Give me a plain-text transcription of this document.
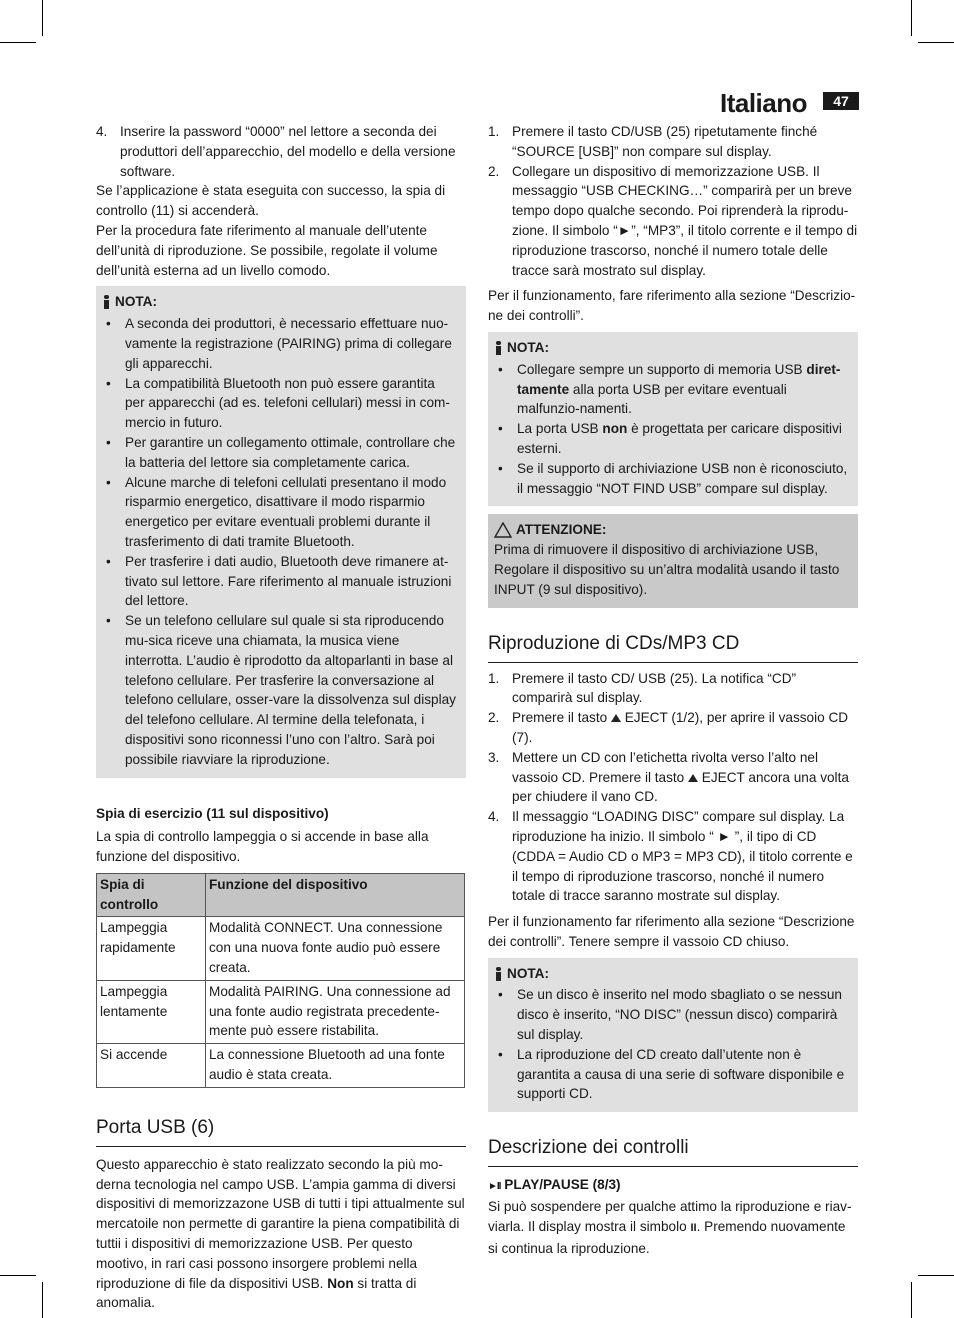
Italiano	47
4. Inserire la password “0000” nel lettore a seconda dei produttori dell’apparecchio, del modello e della versione software.

Se l’applicazione è stata eseguita con successo, la spia di controllo (11) si accenderà.

Per la procedura fate riferimento al manuale dell’utente dell’unità di riproduzione. Se possibile, regolate il volume dell’unità esterna ad un livello comodo.

NOTA:
• A seconda dei produttori, è necessario effettuare nuo-vamente la registrazione (PAIRING) prima di collegare gli apparecchi.
• La compatibilità Bluetooth non può essere garantita per apparecchi (ad es. telefoni cellulari) messi in com-mercio in futuro.
• Per garantire un collegamento ottimale, controllare che la batteria del lettore sia completamente carica.
• Alcune marche di telefoni cellulati presentano il modo risparmio energetico, disattivare il modo risparmio energetico per evitare eventuali problemi durante il trasferimento di dati tramite Bluetooth.
• Per trasferire i dati audio, Bluetooth deve rimanere at-tivato sul lettore. Fare riferimento al manuale istruzioni del lettore.
• Se un telefono cellulare sul quale si sta riproducendo mu-sica riceve una chiamata, la musica viene interrotta. L’audio è riprodotto da altoparlanti in base al telefono cellulare. Per trasferire la conversazione al telefono cellulare, osser-vare la dissolvenza sul display del telefono cellulare. Al termine della telefonata, i dispositivi sono riconnessi l’uno con l’altro. Sarà poi possibile riavviare la riproduzione.

Spia di esercizio (11 sul dispositivo)

La spia di controllo lampeggia o si accende in base alla funzione del dispositivo.

Spia di controllo	Funzione del dispositivo
Lampeggia rapidamente	Modalità CONNECT. Una connessione con una nuova fonte audio può essere creata.
Lampeggia lentamente	Modalità PAIRING. Una connessione ad una fonte audio registrata precedente-mente può essere ristabilita.
Si accende	La connessione Bluetooth ad una fonte audio è stata creata.
Porta USB (6)

Questo apparecchio è stato realizzato secondo la più mo-derna tecnologia nel campo USB. L’ampia gamma di diversi dispositivi di memorizzazone USB di tutti i tipi attualmente sul mercatoile non permette di garantire la piena compatibilità di tuttii i dispositivi di memorizzazione USB. Per questo mootivo, in rari casi possono insorgere problemi nella riproduzione di file da dispositivi USB. Non si tratta di anomalia.

1. Premere il tasto CD/USB (25) ripetutamente finché “SOURCE [USB]” non compare sul display.
2. Collegare un dispositivo di memorizzazione USB. Il messaggio “USB CHECKING…” comparirà per un breve tempo dopo qualche secondo. Poi riprenderà la riprodu-zione. Il simbolo “►”, “MP3”, il titolo corrente e il tempo di riproduzione trascorso, nonché il numero totale delle tracce sarà mostrato sul display.

Per il funzionamento, fare riferimento alla sezione “Descrizio-ne dei controlli”.

NOTA:
• Collegare sempre un supporto di memoria USB diret-tamente alla porta USB per evitare eventuali malfunzio-namenti.
• La porta USB non è progettata per caricare dispositivi esterni.
• Se il supporto di archiviazione USB non è riconosciuto, il messaggio “NOT FIND USB” compare sul display.
ATTENZIONE:

Prima di rimuovere il dispositivo di archiviazione USB, Regolare il dispositivo su un’altra modalità usando il tasto INPUT (9 sul dispositivo).

Riproduzione di CDs/MP3 CD
1. Premere il tasto CD/ USB (25). La notifica “CD” comparirà sul display.
2. Premere il tasto  EJECT (1/2), per aprire il vassoio CD (7).
3. Mettere un CD con l’etichetta rivolta verso l’alto nel vassoio CD. Premere il tasto  EJECT ancora una volta per chiudere il vano CD.
4. Il messaggio “LOADING DISC” compare sul display. La riproduzione ha inizio. Il simbolo “ ► ”, il tipo di CD (CDDA = Audio CD o MP3 = MP3 CD), il titolo corrente e il tempo di riproduzione trascorso, nonché il numero totale di tracce saranno mostrate sul display.

Per il funzionamento far riferimento alla sezione “Descrizione dei controlli”. Tenere sempre il vassoio CD chiuso.

NOTA:
• Se un disco è inserito nel modo sbagliato o se nessun disco è inserito, “NO DISC” (nessun disco) comparirà sul display.
• La riproduzione del CD creato dall’utente non è garantita a causa di una serie di software disponibile e supporti CD.
Descrizione dei controlli

►II PLAY/PAUSE (8/3)

Si può sospendere per qualche attimo la riproduzione e riav-viarla. Il display mostra il simbolo II. Premendo nuovamente si continua la riproduzione.
